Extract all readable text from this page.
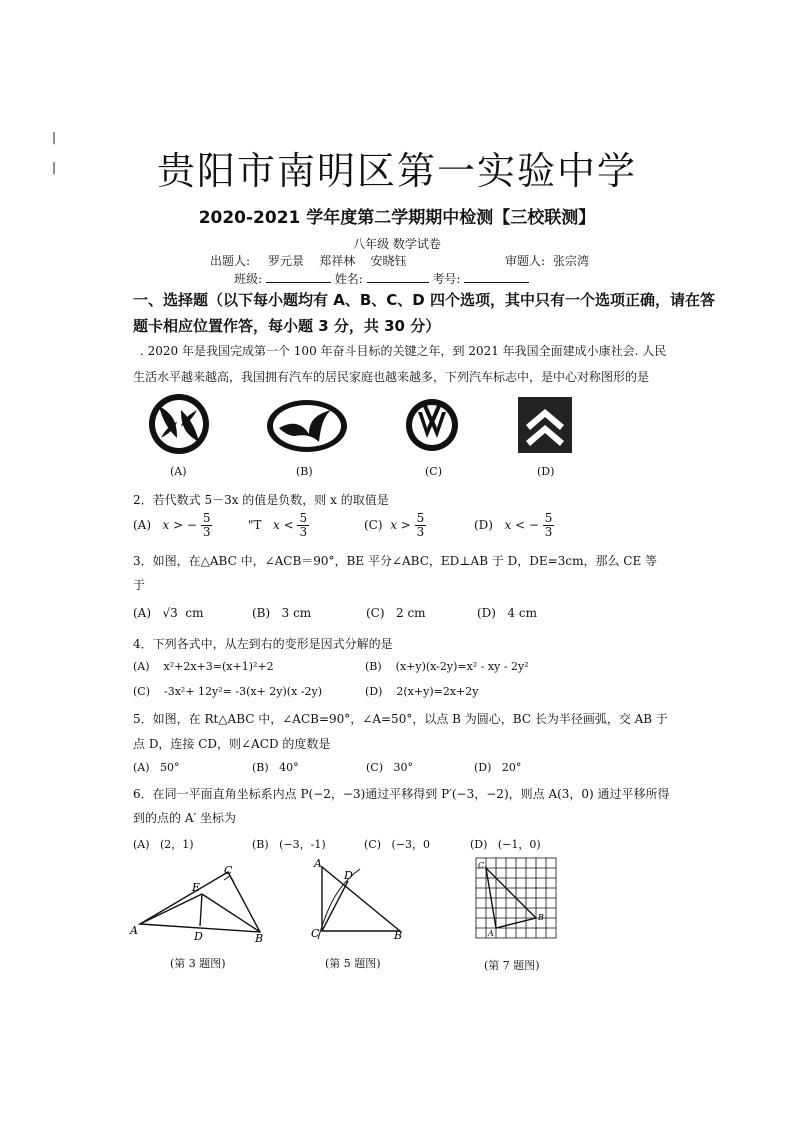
|
|	贵阳市南明区第一实验中学
2020-2021 学年度第二学期期中检测【三校联测】
八年级 数学试卷
出题人: 罗元景    郑祥林    安晓钰	审题人: 张宗湾
班级:	姓名:	考号:
一、选择题（以下每小题均有 A、B、C、D 四个选项，其中只有一个选项正确，请在答
题卡相应位置作答，每小题 3 分，共 30 分）
. 2020 年是我国完成第一个 100 年奋斗目标的关键之年，到 2021 年我国全面建成小康社会. 人民
生活水平越来越高，我国拥有汽车的居民家庭也越来越多，下列汽车标志中，是中心对称图形的是
(A)	(B)	(C)	(D)
2．若代数式 5－3x 的值是负数，则 x 的取值是
(A) x > − $\frac{5}{3}$	"T $x < \frac{5}{3}$	(C) $x > \frac{5}{3}$	(D) x < − $\frac{5}{3}$
3．如图，在△ABC 中，∠ACB＝90°，BE 平分∠ABC，ED⊥AB 于 D，DE=3cm，那么 CE 等
于
(A)   √3  cm	(B)   3 cm	(C)   2 cm	(D)   4 cm
4．下列各式中，从左到右的变形是因式分解的是
(A)    x²+2x+3=(x+1)²+2	(B)    (x+y)(x-2y)=x² - xy - 2y²
(C)    -3x²+ 12y²= -3(x+ 2y)(x -2y)	(D)    2(x+y)=2x+2y
5．如图，在 Rt△ABC 中，∠ACB=90°，∠A=50°，以点 B 为圆心，BC 长为半径画弧，交 AB 于
点 D，连接 CD，则∠ACD 的度数是
(A)   50°	(B)   40°	(C)   30°	(D)   20°
6．在同一平面直角坐标系内点 P(−2，−3)通过平移得到 P′(−3，−2)，则点 A(3，0) 通过平移所得
到的点的 A′ 坐标为
(A)   (2，1)	(B)   (−3，-1)	(C)   (−3，0	(D)   (−1，0)
A
B
C
D
E
(第 3 题图)
A
B
C
D
(第 5 题图)
C
A
B
(第 7 题图)
